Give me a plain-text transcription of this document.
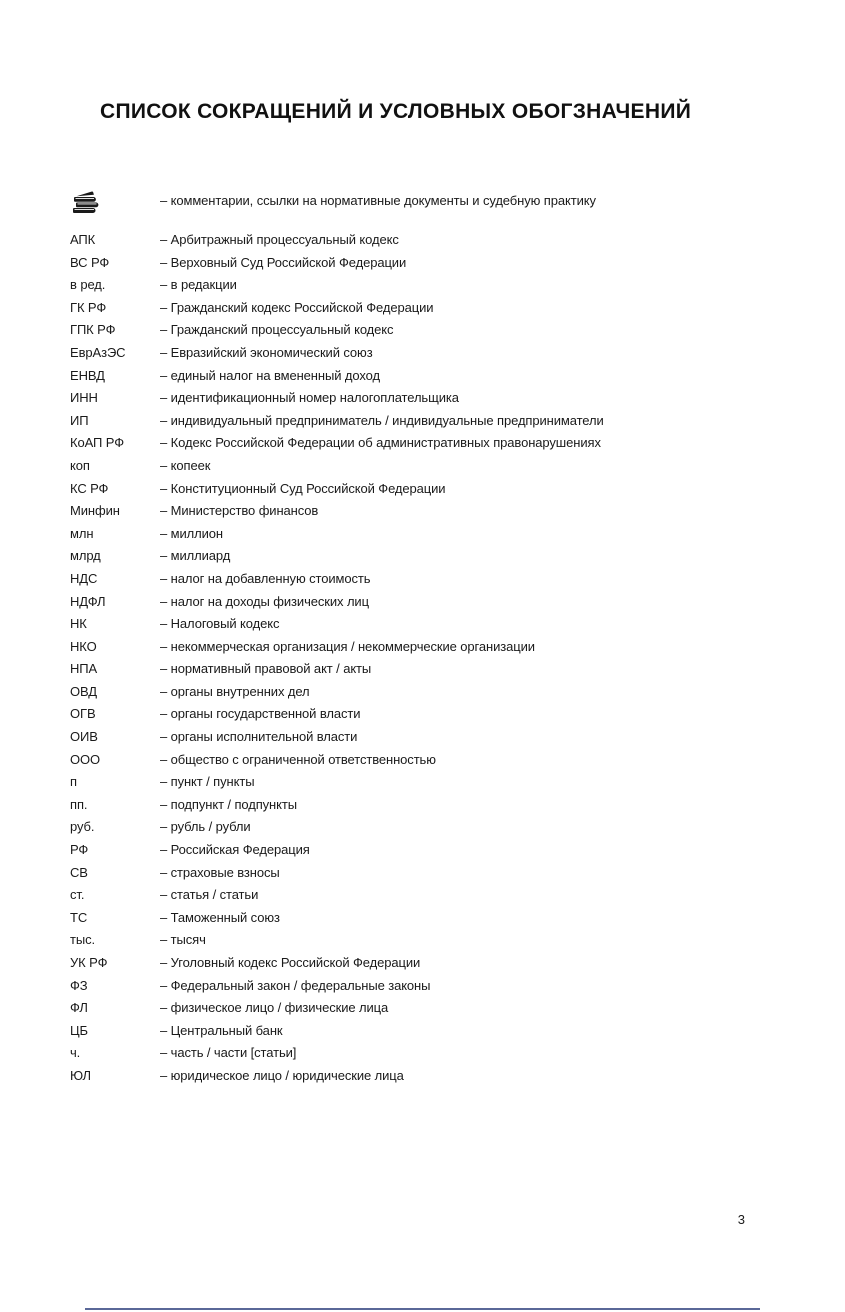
СПИСОК СОКРАЩЕНИЙ И УСЛОВНЫХ ОБОГЗНАЧЕНИЙ
– комментарии, ссылки на нормативные документы и судебную практику
АПК	– Арбитражный процессуальный кодекс
ВС РФ	– Верховный Суд Российской Федерации
в ред.	– в редакции
ГК РФ	– Гражданский кодекс Российской Федерации
ГПК РФ	– Гражданский процессуальный кодекс
ЕврАзЭС	– Евразийский экономический союз
ЕНВД	– единый налог на вмененный доход
ИНН	– идентификационный номер налогоплательщика
ИП	– индивидуальный предприниматель / индивидуальные предприниматели
КоАП РФ	– Кодекс Российской Федерации об административных правонарушениях
коп	– копеек
КС РФ	– Конституционный Суд Российской Федерации
Минфин	– Министерство финансов
млн	– миллион
млрд	– миллиард
НДС	– налог на добавленную стоимость
НДФЛ	– налог на доходы физических лиц
НК	– Налоговый кодекс
НКО	– некоммерческая организация / некоммерческие организации
НПА	– нормативный правовой акт / акты
ОВД	– органы внутренних дел
ОГВ	– органы государственной власти
ОИВ	– органы исполнительной власти
ООО	– общество с ограниченной ответственностью
п	– пункт / пункты
пп.	– подпункт / подпункты
руб.	– рубль / рубли
РФ	– Российская Федерация
СВ	– страховые взносы
ст.	– статья / статьи
ТС	– Таможенный союз
тыс.	– тысяч
УК РФ	– Уголовный кодекс Российской Федерации
ФЗ	– Федеральный закон / федеральные законы
ФЛ	– физическое лицо / физические лица
ЦБ	– Центральный банк
ч.	– часть / части [статьи]
ЮЛ	– юридическое лицо / юридические лица
3
